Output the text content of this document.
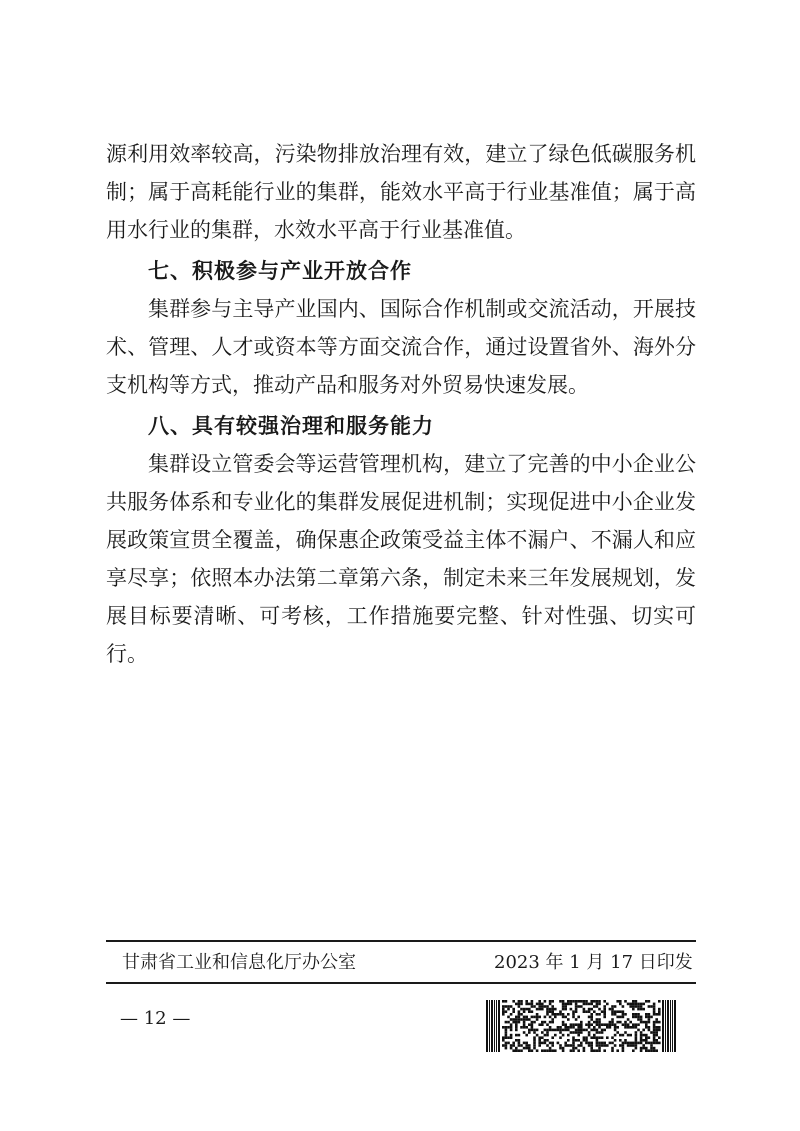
源利用效率较高，污染物排放治理有效，建立了绿色低碳服务机
制；属于高耗能行业的集群，能效水平高于行业基准值；属于高
用水行业的集群，水效水平高于行业基准值。
七、积极参与产业开放合作
集群参与主导产业国内、国际合作机制或交流活动，开展技
术、管理、人才或资本等方面交流合作，通过设置省外、海外分
支机构等方式，推动产品和服务对外贸易快速发展。
八、具有较强治理和服务能力
集群设立管委会等运营管理机构，建立了完善的中小企业公
共服务体系和专业化的集群发展促进机制；实现促进中小企业发
展政策宣贯全覆盖，确保惠企政策受益主体不漏户、不漏人和应
享尽享；依照本办法第二章第六条，制定未来三年发展规划，发
展目标要清晰、可考核，工作措施要完整、针对性强、切实可
行。
甘肃省工业和信息化厅办公室	2023 年 1 月 17 日印发
— 12 —
